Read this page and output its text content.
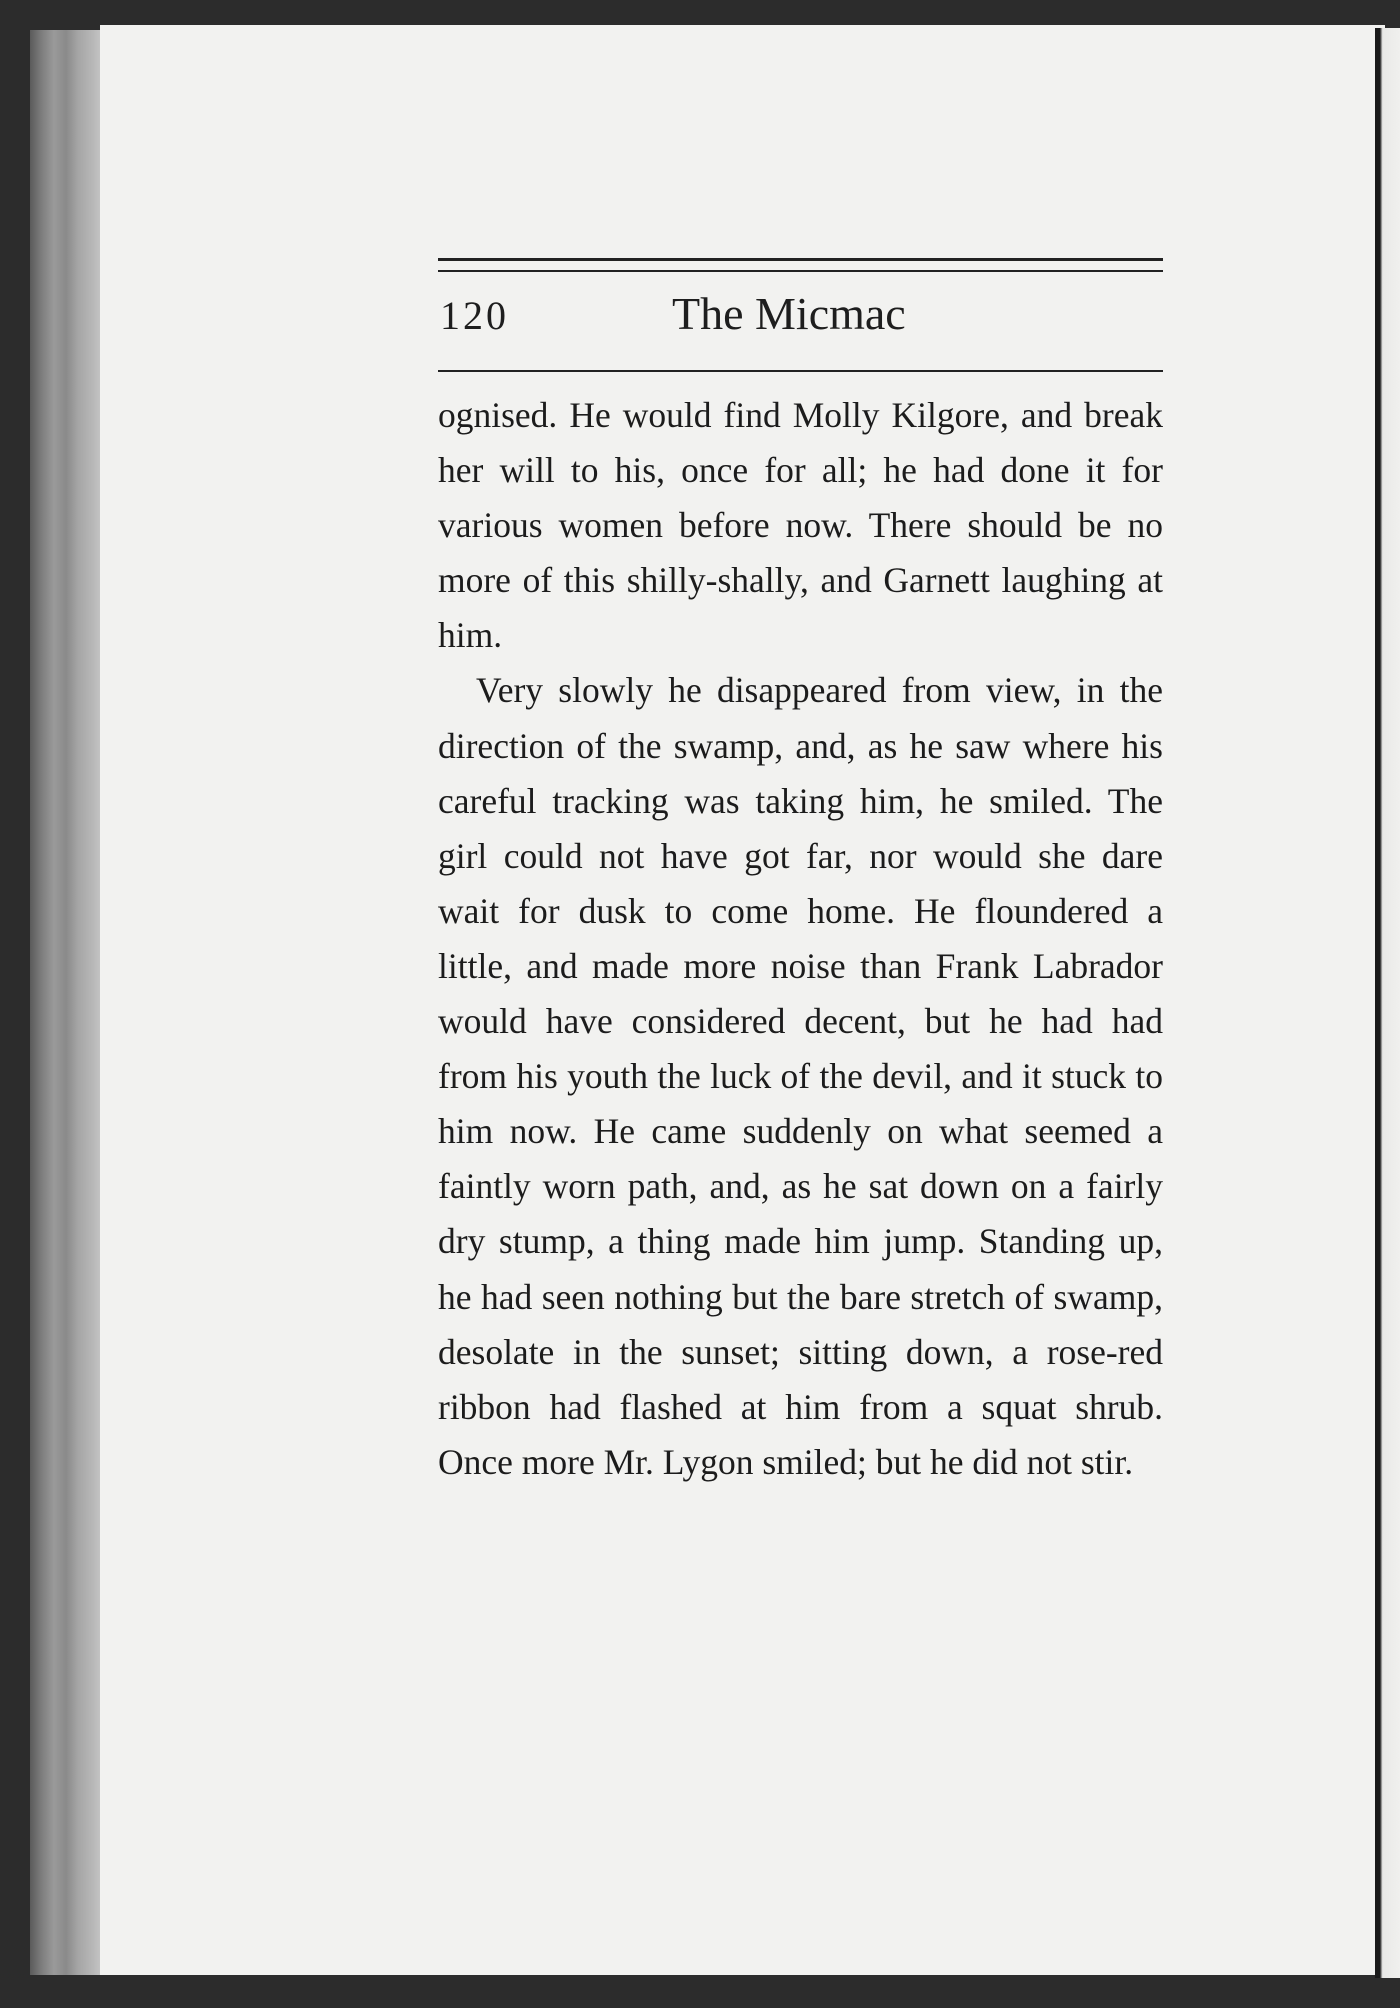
120	The Micmac

ognised. He would find Molly Kilgore, and break her will to his, once for all; he had done it for various women before now. There should be no more of this shilly-shally, and Garnett laughing at him.

Very slowly he disappeared from view, in the direction of the swamp, and, as he saw where his careful tracking was taking him, he smiled. The girl could not have got far, nor would she dare wait for dusk to come home. He floundered a little, and made more noise than Frank Labrador would have considered decent, but he had had from his youth the luck of the devil, and it stuck to him now. He came suddenly on what seemed a faintly worn path, and, as he sat down on a fairly dry stump, a thing made him jump. Standing up, he had seen nothing but the bare stretch of swamp, desolate in the sunset; sitting down, a rose-red ribbon had flashed at him from a squat shrub. Once more Mr. Lygon smiled; but he did not stir.
